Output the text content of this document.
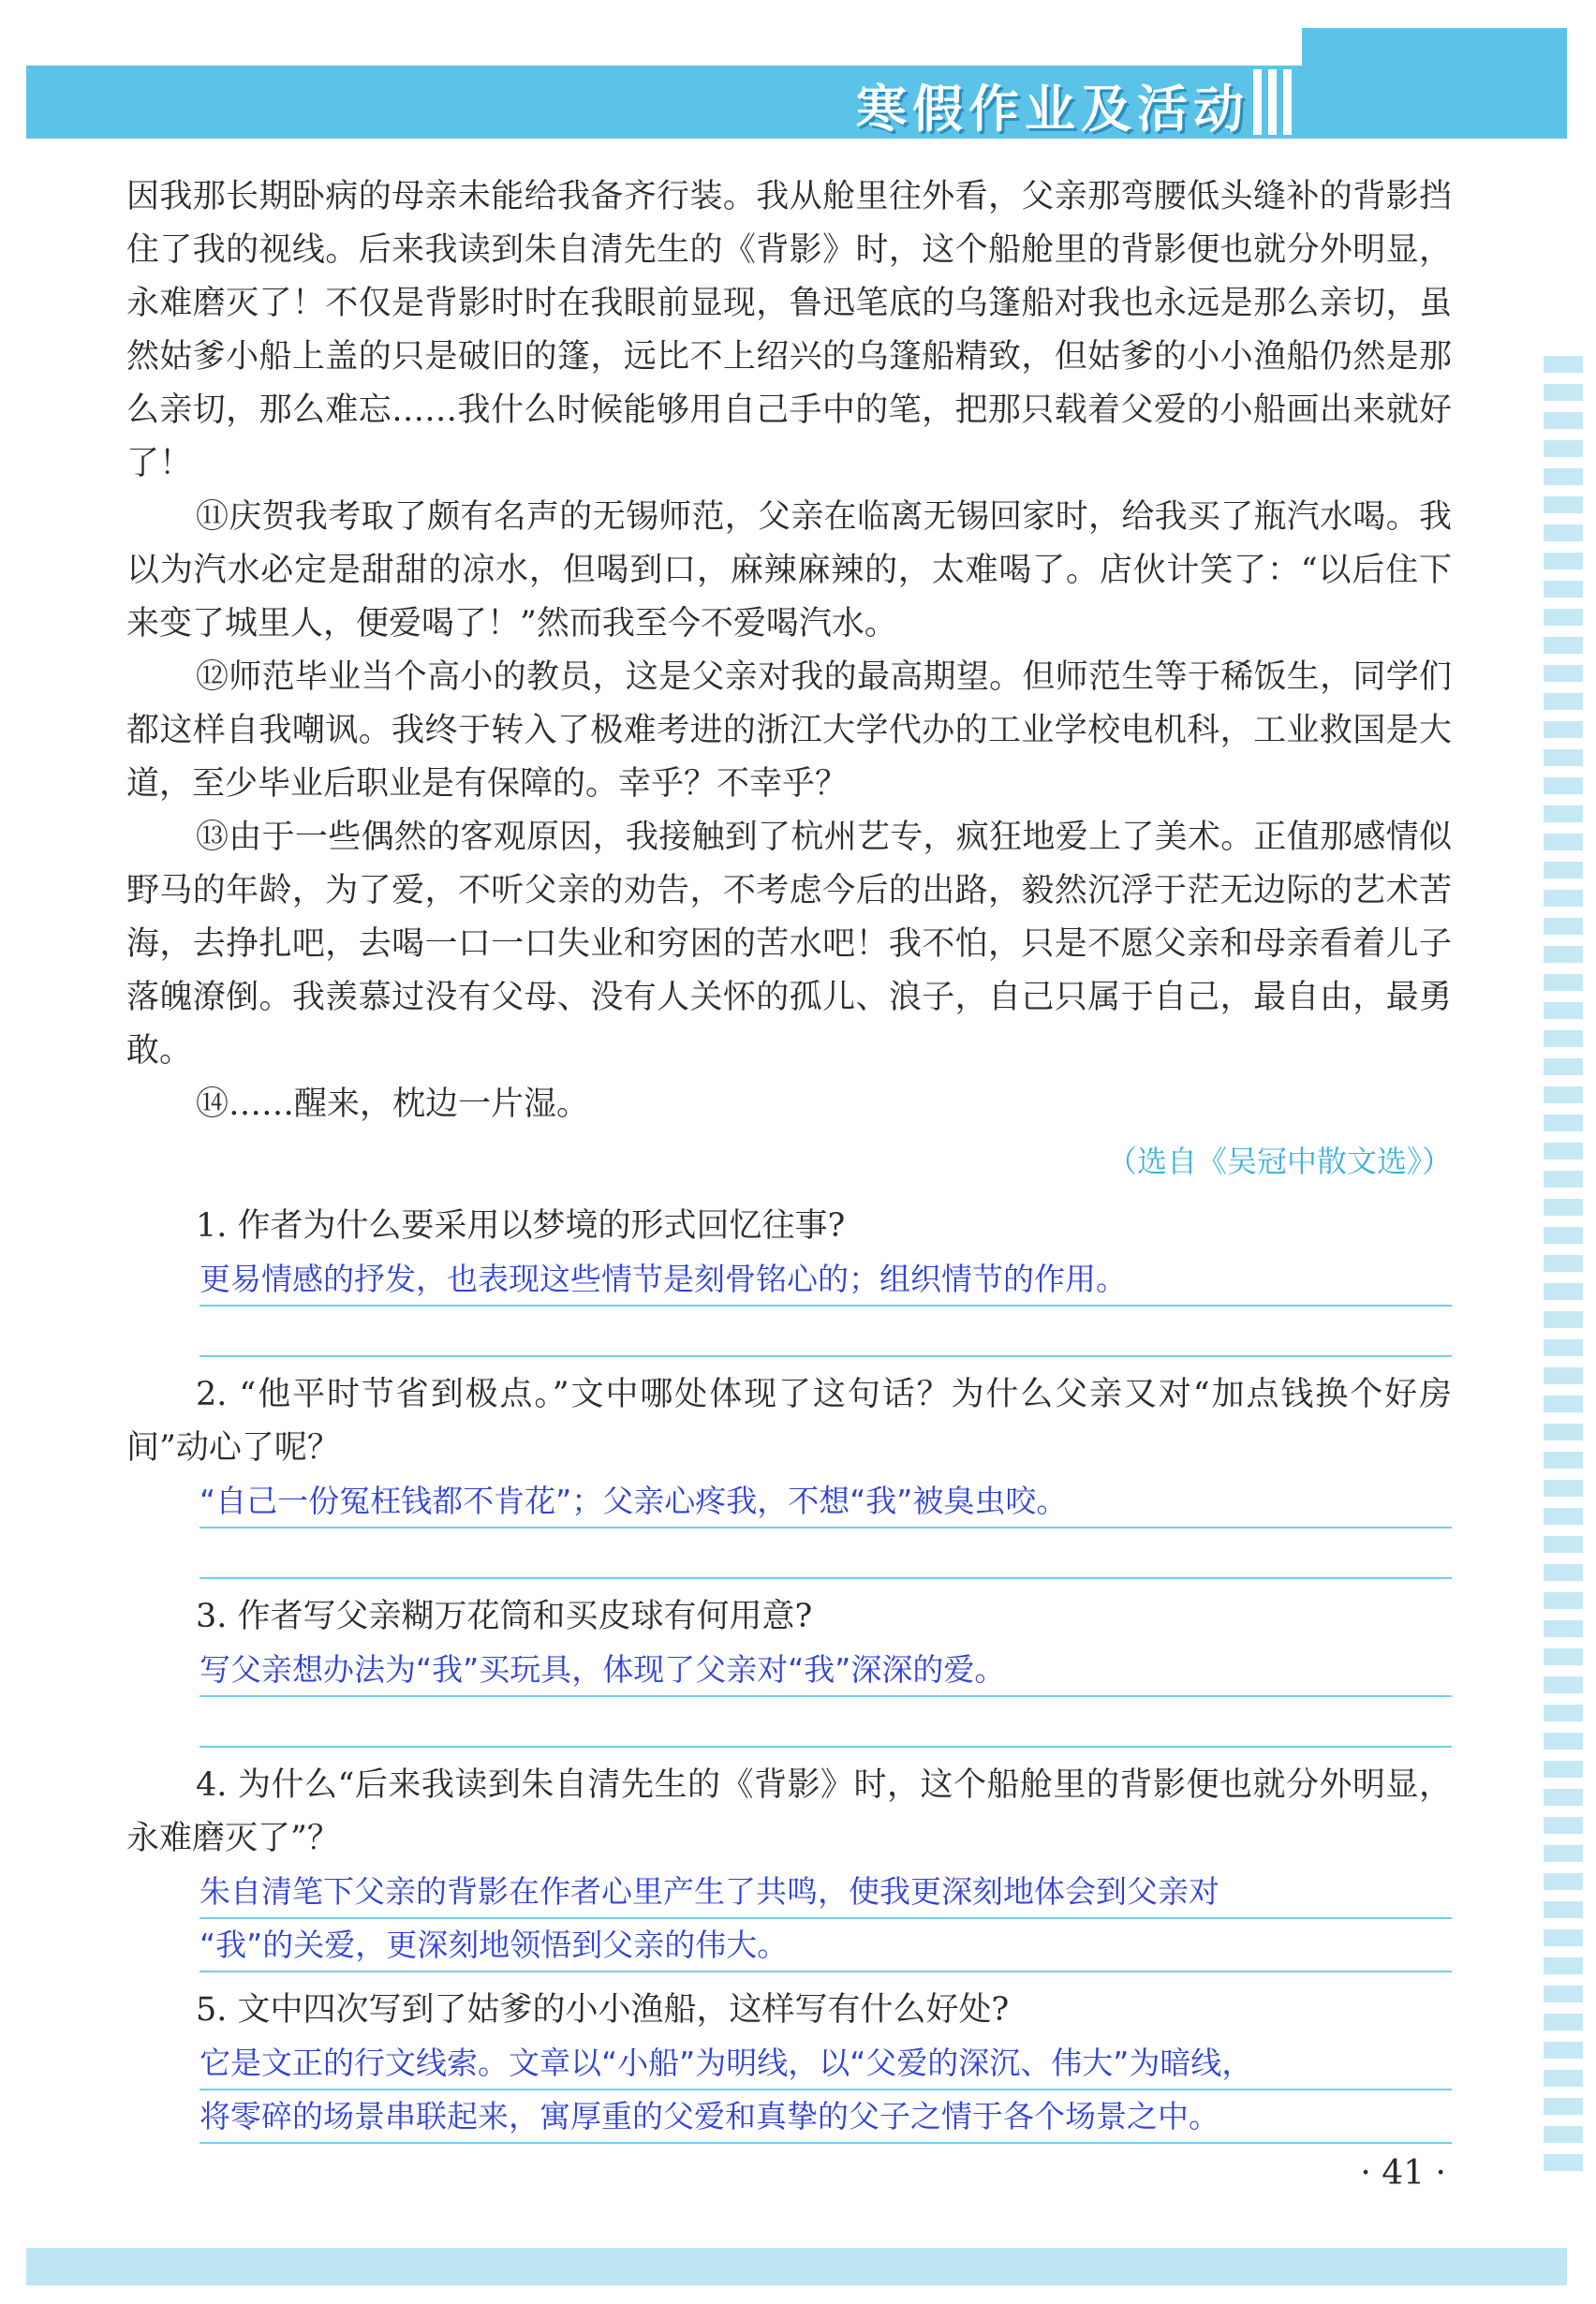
寒假作业及活动

因我那长期卧病的母亲未能给我备齐行装。我从舱里往外看，父亲那弯腰低头缝补的背影挡住了我的视线。后来我读到朱自清先生的《背影》时，这个船舱里的背影便也就分外明显，永难磨灭了！不仅是背影时时在我眼前显现，鲁迅笔底的乌篷船对我也永远是那么亲切，虽然姑爹小船上盖的只是破旧的篷，远比不上绍兴的乌篷船精致，但姑爹的小小渔船仍然是那么亲切，那么难忘……我什么时候能够用自己手中的笔，把那只载着父爱的小船画出来就好了！

⑪庆贺我考取了颇有名声的无锡师范，父亲在临离无锡回家时，给我买了瓶汽水喝。我以为汽水必定是甜甜的凉水，但喝到口，麻辣麻辣的，太难喝了。店伙计笑了：“以后住下来变了城里人，便爱喝了！”然而我至今不爱喝汽水。

⑫师范毕业当个高小的教员，这是父亲对我的最高期望。但师范生等于稀饭生，同学们都这样自我嘲讽。我终于转入了极难考进的浙江大学代办的工业学校电机科，工业救国是大道，至少毕业后职业是有保障的。幸乎？不幸乎？

⑬由于一些偶然的客观原因，我接触到了杭州艺专，疯狂地爱上了美术。正值那感情似野马的年龄，为了爱，不听父亲的劝告，不考虑今后的出路，毅然沉浮于茫无边际的艺术苦海，去挣扎吧，去喝一口一口失业和穷困的苦水吧！我不怕，只是不愿父亲和母亲看着儿子落魄潦倒。我羡慕过没有父母、没有人关怀的孤儿、浪子，自己只属于自己，最自由，最勇敢。

⑭……醒来，枕边一片湿。

（选自《吴冠中散文选》）

1. 作者为什么要采用以梦境的形式回忆往事?

更易情感的抒发，也表现这些情节是刻骨铭心的；组织情节的作用。

2. “他平时节省到极点。”文中哪处体现了这句话？为什么父亲又对“加点钱换个好房间”动心了呢？

“自己一份冤枉钱都不肯花”；父亲心疼我，不想“我”被臭虫咬。

3. 作者写父亲糊万花筒和买皮球有何用意?

写父亲想办法为“我”买玩具，体现了父亲对“我”深深的爱。

4. 为什么“后来我读到朱自清先生的《背影》时，这个船舱里的背影便也就分外明显，永难磨灭了”？

朱自清笔下父亲的背影在作者心里产生了共鸣，使我更深刻地体会到父亲对
“我”的关爱，更深刻地领悟到父亲的伟大。

5. 文中四次写到了姑爹的小小渔船，这样写有什么好处?

它是文正的行文线索。文章以“小船”为明线，以“父爱的深沉、伟大”为暗线，
将零碎的场景串联起来，寓厚重的父爱和真挚的父子之情于各个场景之中。
· 41 ·
